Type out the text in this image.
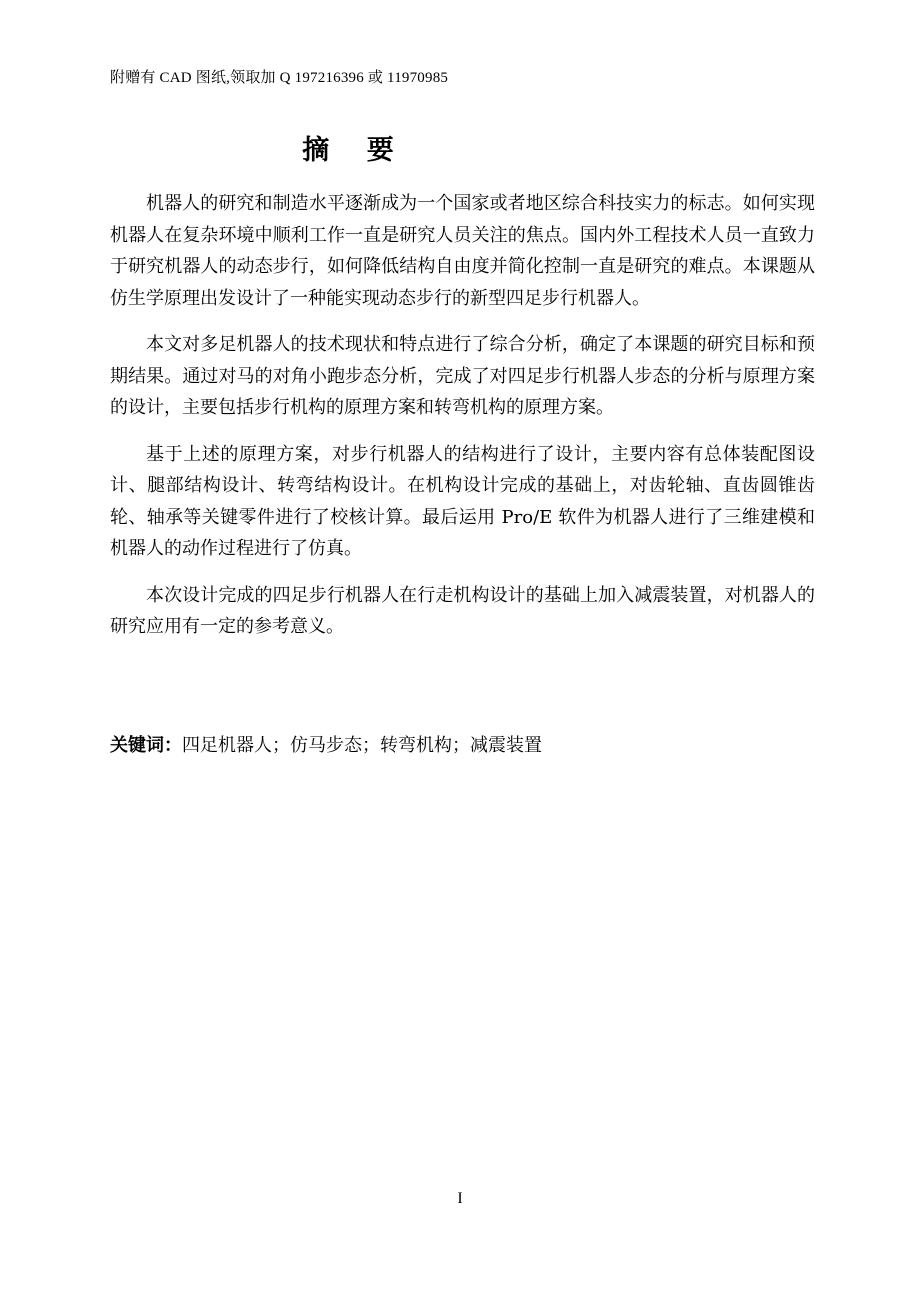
附赠有 CAD 图纸,领取加 Q 197216396 或 11970985
摘 要

机器人的研究和制造水平逐渐成为一个国家或者地区综合科技实力的标志。如何实现机器人在复杂环境中顺利工作一直是研究人员关注的焦点。国内外工程技术人员一直致力于研究机器人的动态步行，如何降低结构自由度并简化控制一直是研究的难点。本课题从仿生学原理出发设计了一种能实现动态步行的新型四足步行机器人。

本文对多足机器人的技术现状和特点进行了综合分析，确定了本课题的研究目标和预期结果。通过对马的对角小跑步态分析，完成了对四足步行机器人步态的分析与原理方案的设计，主要包括步行机构的原理方案和转弯机构的原理方案。

基于上述的原理方案，对步行机器人的结构进行了设计，主要内容有总体装配图设计、腿部结构设计、转弯结构设计。在机构设计完成的基础上，对齿轮轴、直齿圆锥齿轮、轴承等关键零件进行了校核计算。最后运用 Pro/E 软件为机器人进行了三维建模和机器人的动作过程进行了仿真。

本次设计完成的四足步行机器人在行走机构设计的基础上加入减震装置，对机器人的研究应用有一定的参考意义。

关键词：四足机器人；仿马步态；转弯机构；减震装置
I
